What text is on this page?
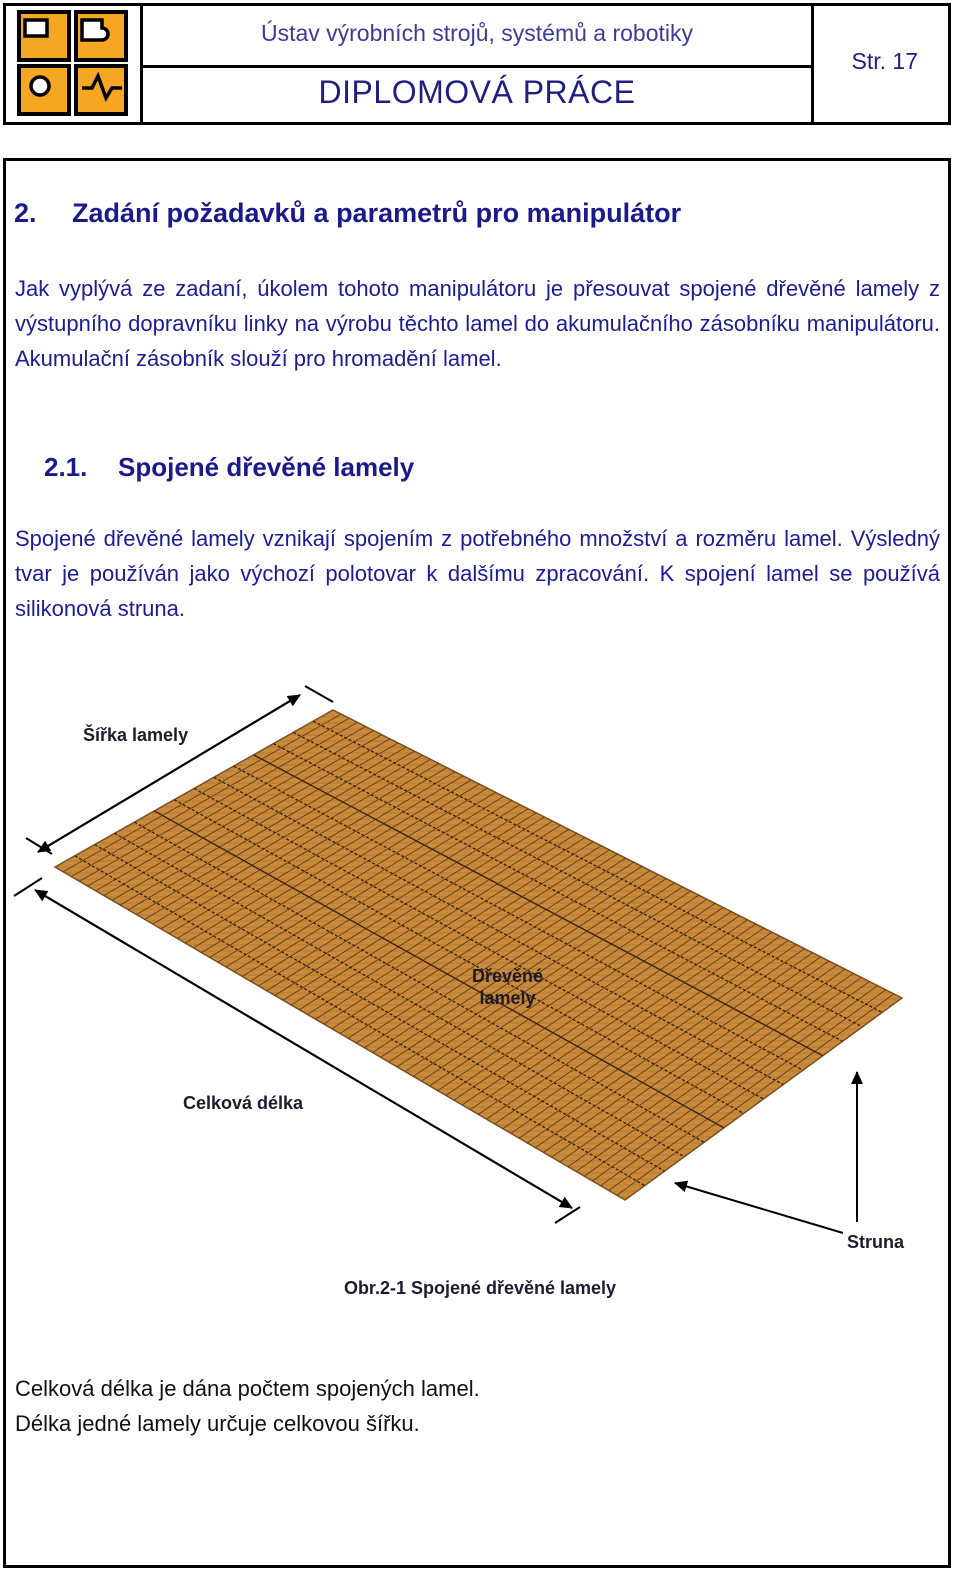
Ústav výrobních strojů, systémů a robotiky
DIPLOMOVÁ PRÁCE
Str. 17
2. Zadání požadavků a parametrů pro manipulátor
Jak vyplývá ze zadaní, úkolem tohoto manipulátoru je přesouvat spojené dřevěné lamely z výstupního dopravníku linky na výrobu těchto lamel do akumulačního zásobníku manipulátoru. Akumulační zásobník slouží pro hromadění lamel.
2.1. Spojené dřevěné lamely
Spojené dřevěné lamely vznikají spojením z potřebného množství a rozměru lamel. Výsledný tvar je používán jako výchozí polotovar k dalšímu zpracování. K spojení lamel se používá silikonová struna.
Šířka lamely
Dřevěné lamely
Celková délka
Struna
Obr.2-1 Spojené dřevěné lamely
Celková délka je dána počtem spojených lamel.
Délka jedné lamely určuje celkovou šířku.
